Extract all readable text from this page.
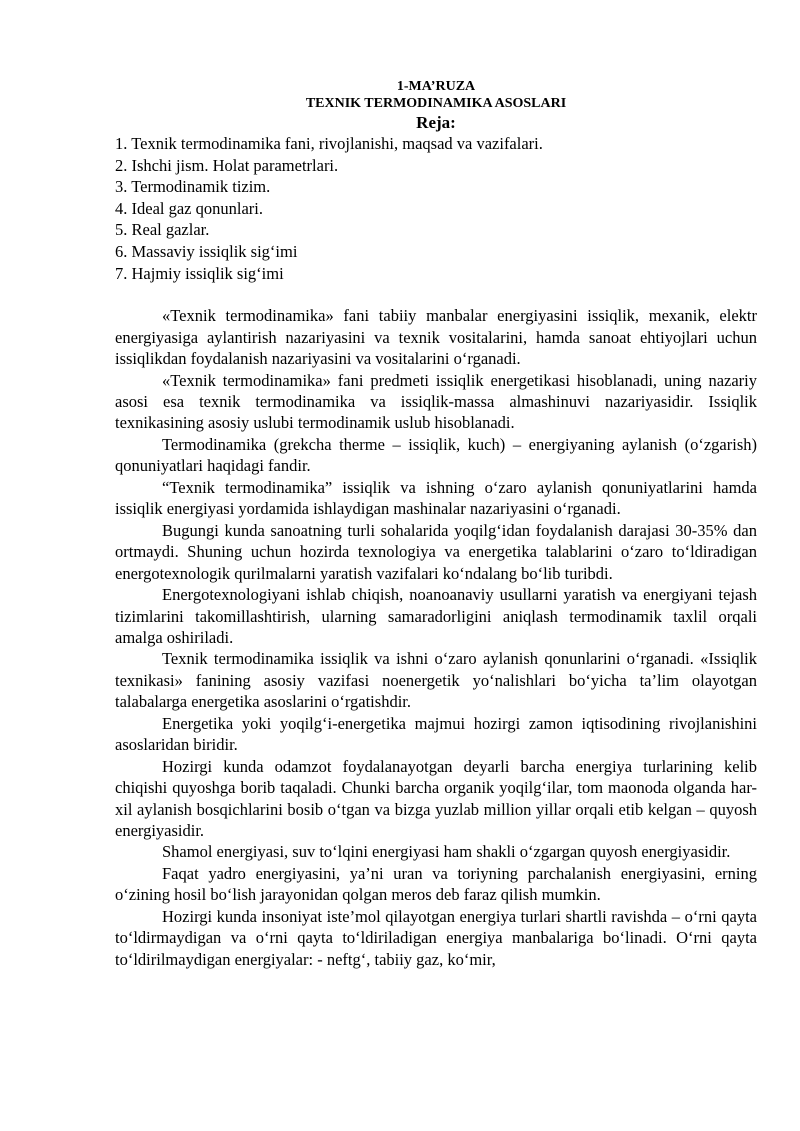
1-MA’RUZA
TEXNIK TERMODINAMIKA ASOSLARI
Reja:
1. Texnik termodinamika fani, rivojlanishi, maqsad va vazifalari.
2. Ishchi jism. Holat parametrlari.
3. Termodinamik tizim.
4. Ideal gaz qonunlari.
5. Real gazlar.
6. Massaviy issiqlik sig‘imi
7. Hajmiy issiqlik sig‘imi

«Texnik termodinamika» fani tabiiy manbalar energiyasini issiqlik, mexanik, elektr energiyasiga aylantirish nazariyasini va texnik vositalarini, hamda sanoat ehtiyojlari uchun issiqlikdan foydalanish nazariyasini va vositalarini o‘rganadi.

«Texnik termodinamika» fani predmeti issiqlik energetikasi hisoblanadi, uning nazariy asosi esa texnik termodinamika va issiqlik-massa almashinuvi nazariyasidir. Issiqlik texnikasining asosiy uslubi termodinamik uslub hisoblanadi.

Termodinamika (grekcha therme – issiqlik, kuch) – energiyaning aylanish (o‘zgarish) qonuniyatlari haqidagi fandir.

“Texnik termodinamika” issiqlik va ishning o‘zaro aylanish qonuniyatlarini hamda issiqlik energiyasi yordamida ishlaydigan mashinalar nazariyasini o‘rganadi.

Bugungi kunda sanoatning turli sohalarida yoqilg‘idan foydalanish darajasi 30-35% dan ortmaydi. Shuning uchun hozirda texnologiya va energetika talablarini o‘zaro to‘ldiradigan energotexnologik qurilmalarni yaratish vazifalari ko‘ndalang bo‘lib turibdi.

Energotexnologiyani ishlab chiqish, noanoanaviy usullarni yaratish va energiyani tejash tizimlarini takomillashtirish, ularning samaradorligini aniqlash termodinamik taxlil orqali amalga oshiriladi.

Texnik termodinamika issiqlik va ishni o‘zaro aylanish qonunlarini o‘rganadi. «Issiqlik texnikasi» fanining asosiy vazifasi noenergetik yo‘nalishlari bo‘yicha ta’lim olayotgan talabalarga energetika asoslarini o‘rgatishdir.

Energetika yoki yoqilg‘i-energetika majmui hozirgi zamon iqtisodining rivojlanishini asoslaridan biridir.

Hozirgi kunda odamzot foydalanayotgan deyarli barcha energiya turlarining kelib chiqishi quyoshga borib taqaladi. Chunki barcha organik yoqilg‘ilar, tom maonoda olganda har-xil aylanish bosqichlarini bosib o‘tgan va bizga yuzlab million yillar orqali etib kelgan – quyosh energiyasidir.

Shamol energiyasi, suv to‘lqini energiyasi ham shakli o‘zgargan quyosh energiyasidir.

Faqat yadro energiyasini, ya’ni uran va toriyning parchalanish energiyasini, erning o‘zining hosil bo‘lish jarayonidan qolgan meros deb faraz qilish mumkin.

Hozirgi kunda insoniyat iste’mol qilayotgan energiya turlari shartli ravishda – o‘rni qayta to‘ldirmaydigan va o‘rni qayta to‘ldiriladigan energiya manbalariga bo‘linadi. O‘rni qayta to‘ldirilmaydigan energiyalar: - neftg‘, tabiiy gaz, ko‘mir,
